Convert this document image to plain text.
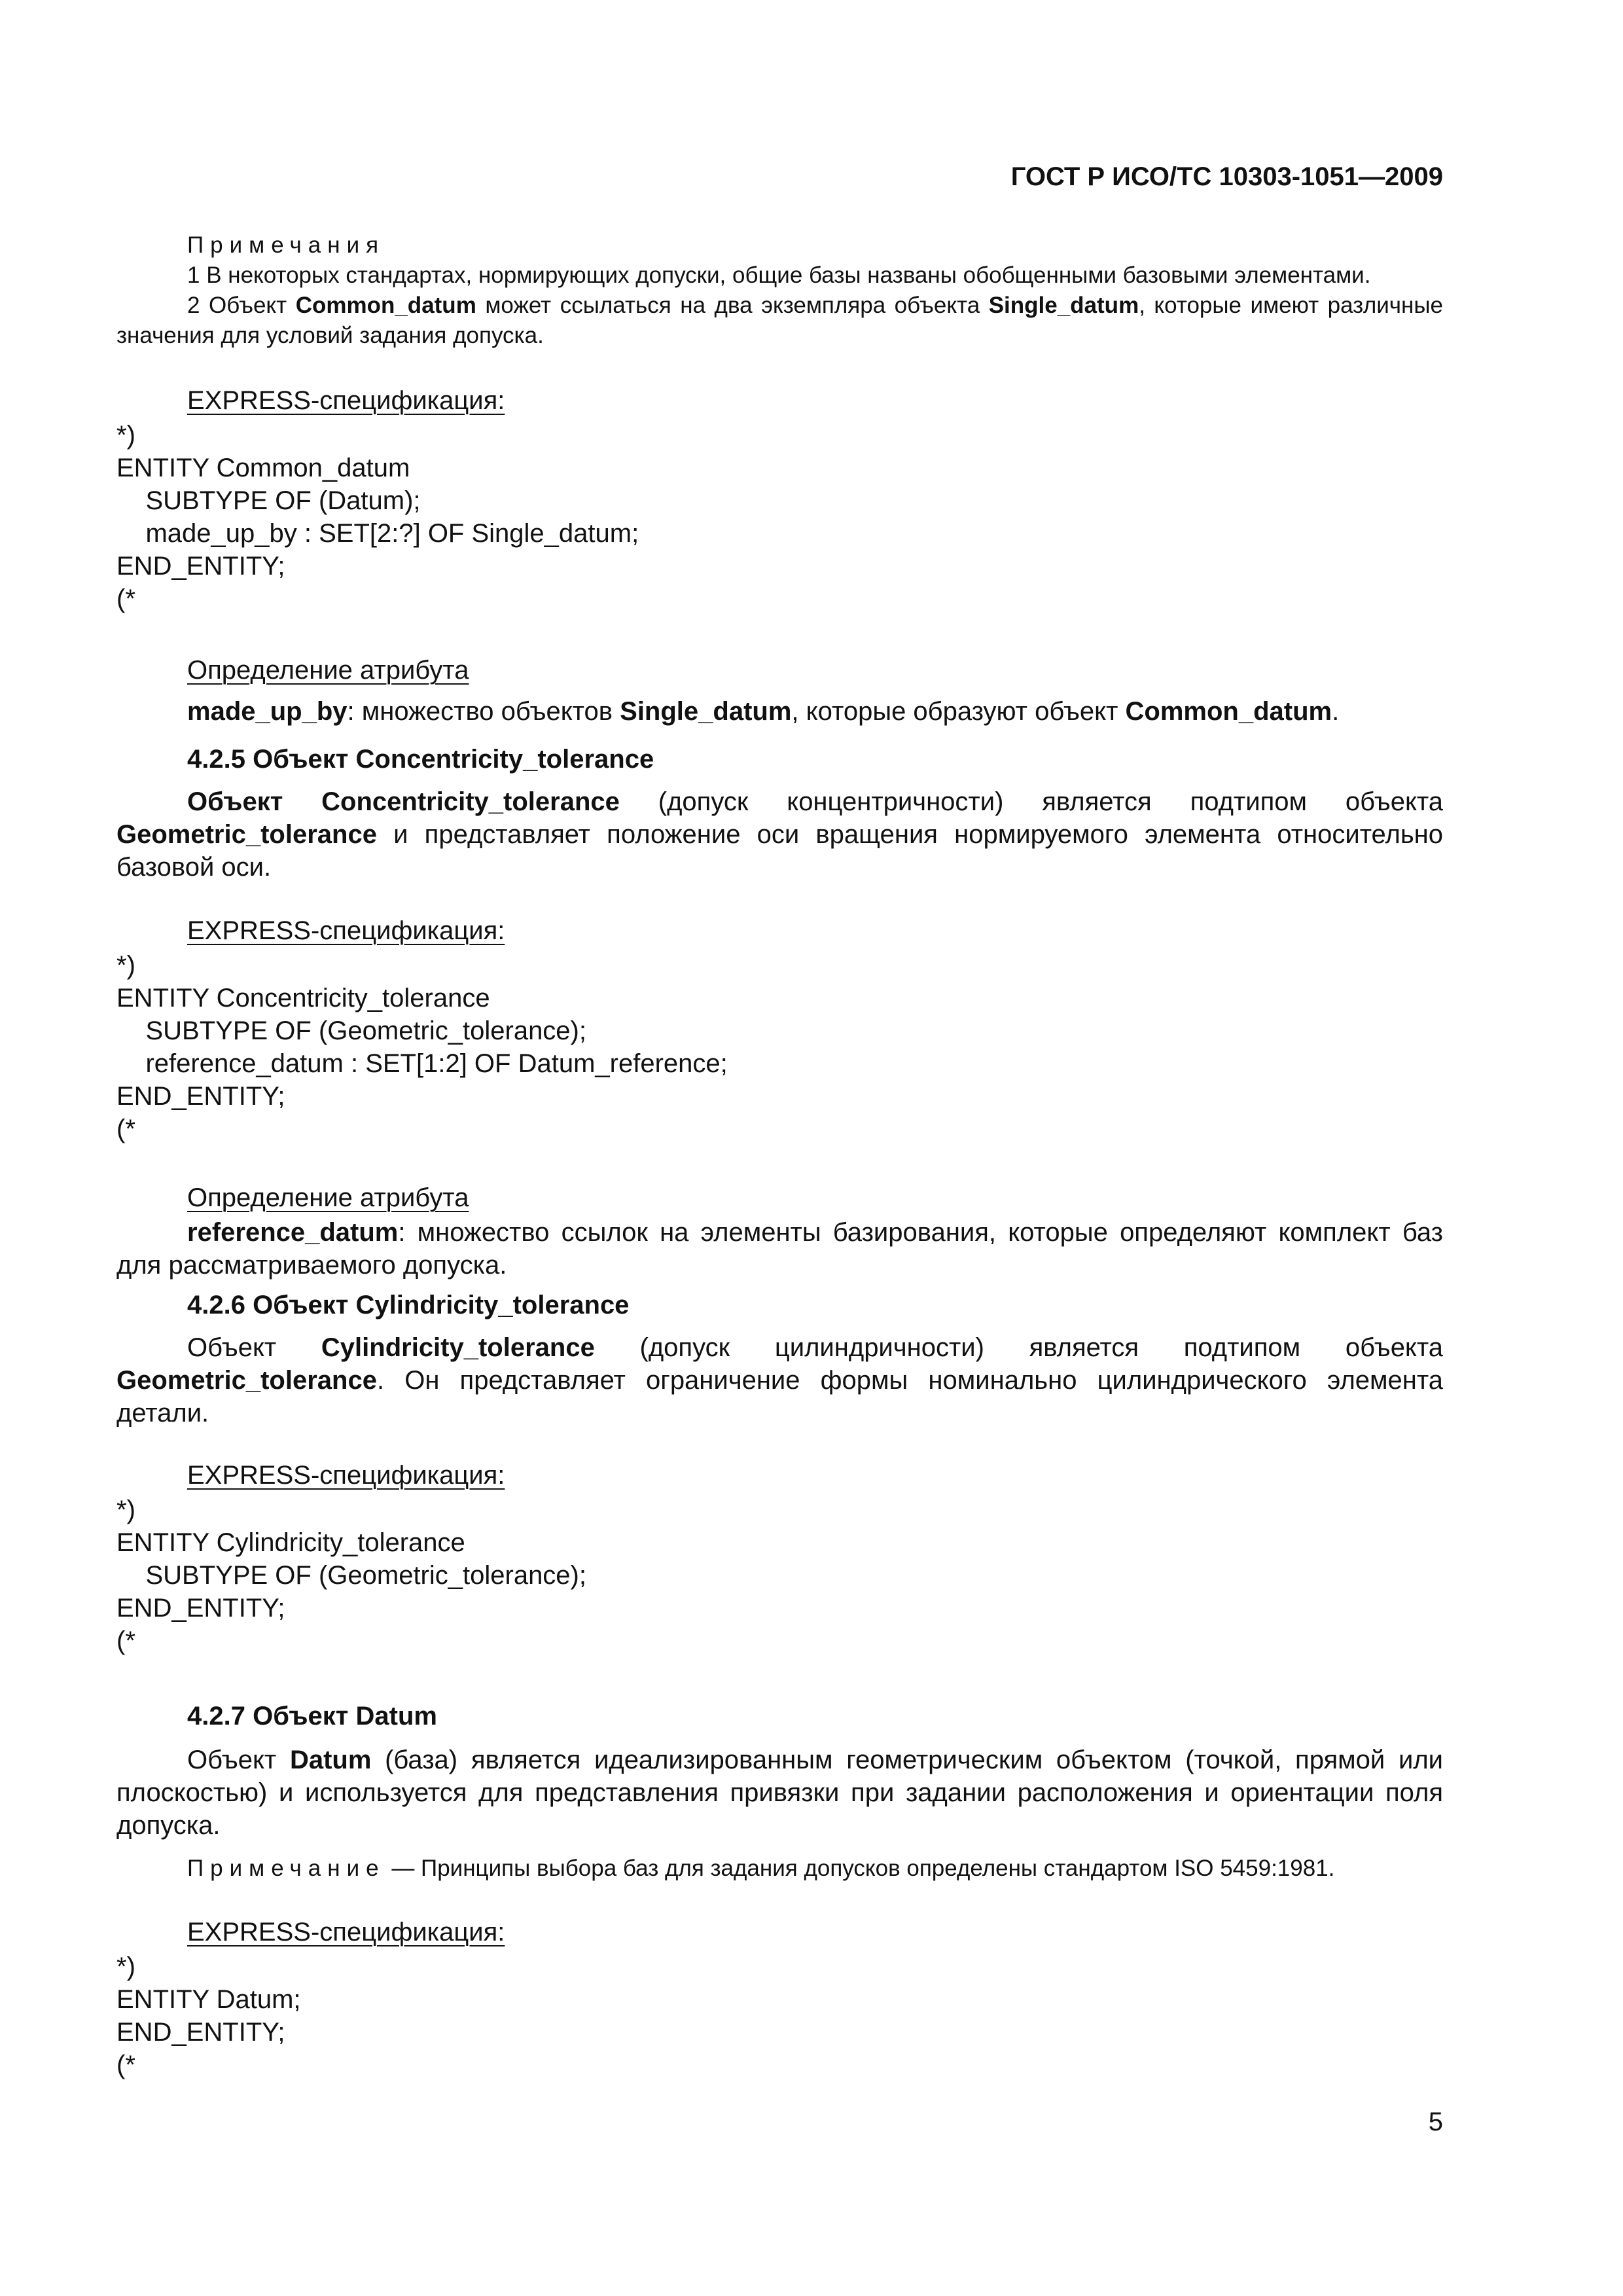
ГОСТ Р ИСО/ТС 10303-1051—2009
Примечания
1 В некоторых стандартах, нормирующих допуски, общие базы названы обобщенными базовыми элементами.
2 Объект Common_datum может ссылаться на два экземпляра объекта Single_datum, которые имеют различные значения для условий задания допуска.
EXPRESS-спецификация:
*)
ENTITY Common_datum
SUBTYPE OF (Datum);
made_up_by : SET[2:?] OF Single_datum;
END_ENTITY;
(*
Определение атрибута
made_up_by: множество объектов Single_datum, которые образуют объект Common_datum.
4.2.5 Объект Concentricity_tolerance
Объект Concentricity_tolerance (допуск концентричности) является подтипом объекта Geometric_tolerance и представляет положение оси вращения нормируемого элемента относительно базовой оси.
EXPRESS-спецификация:
*)
ENTITY Concentricity_tolerance
SUBTYPE OF (Geometric_tolerance);
reference_datum : SET[1:2] OF Datum_reference;
END_ENTITY;
(*
Определение атрибута
reference_datum: множество ссылок на элементы базирования, которые определяют комплект баз для рассматриваемого допуска.
4.2.6 Объект Cylindricity_tolerance
Объект Cylindricity_tolerance (допуск цилиндричности) является подтипом объекта Geometric_tolerance. Он представляет ограничение формы номинально цилиндрического элемента детали.
EXPRESS-спецификация:
*)
ENTITY Cylindricity_tolerance
SUBTYPE OF (Geometric_tolerance);
END_ENTITY;
(*
4.2.7 Объект Datum
Объект Datum (база) является идеализированным геометрическим объектом (точкой, прямой или плоскостью) и используется для представления привязки при задании расположения и ориентации поля допуска.
Примечание — Принципы выбора баз для задания допусков определены стандартом ISO 5459:1981.
EXPRESS-спецификация:
*)
ENTITY Datum;
END_ENTITY;
(*
5
